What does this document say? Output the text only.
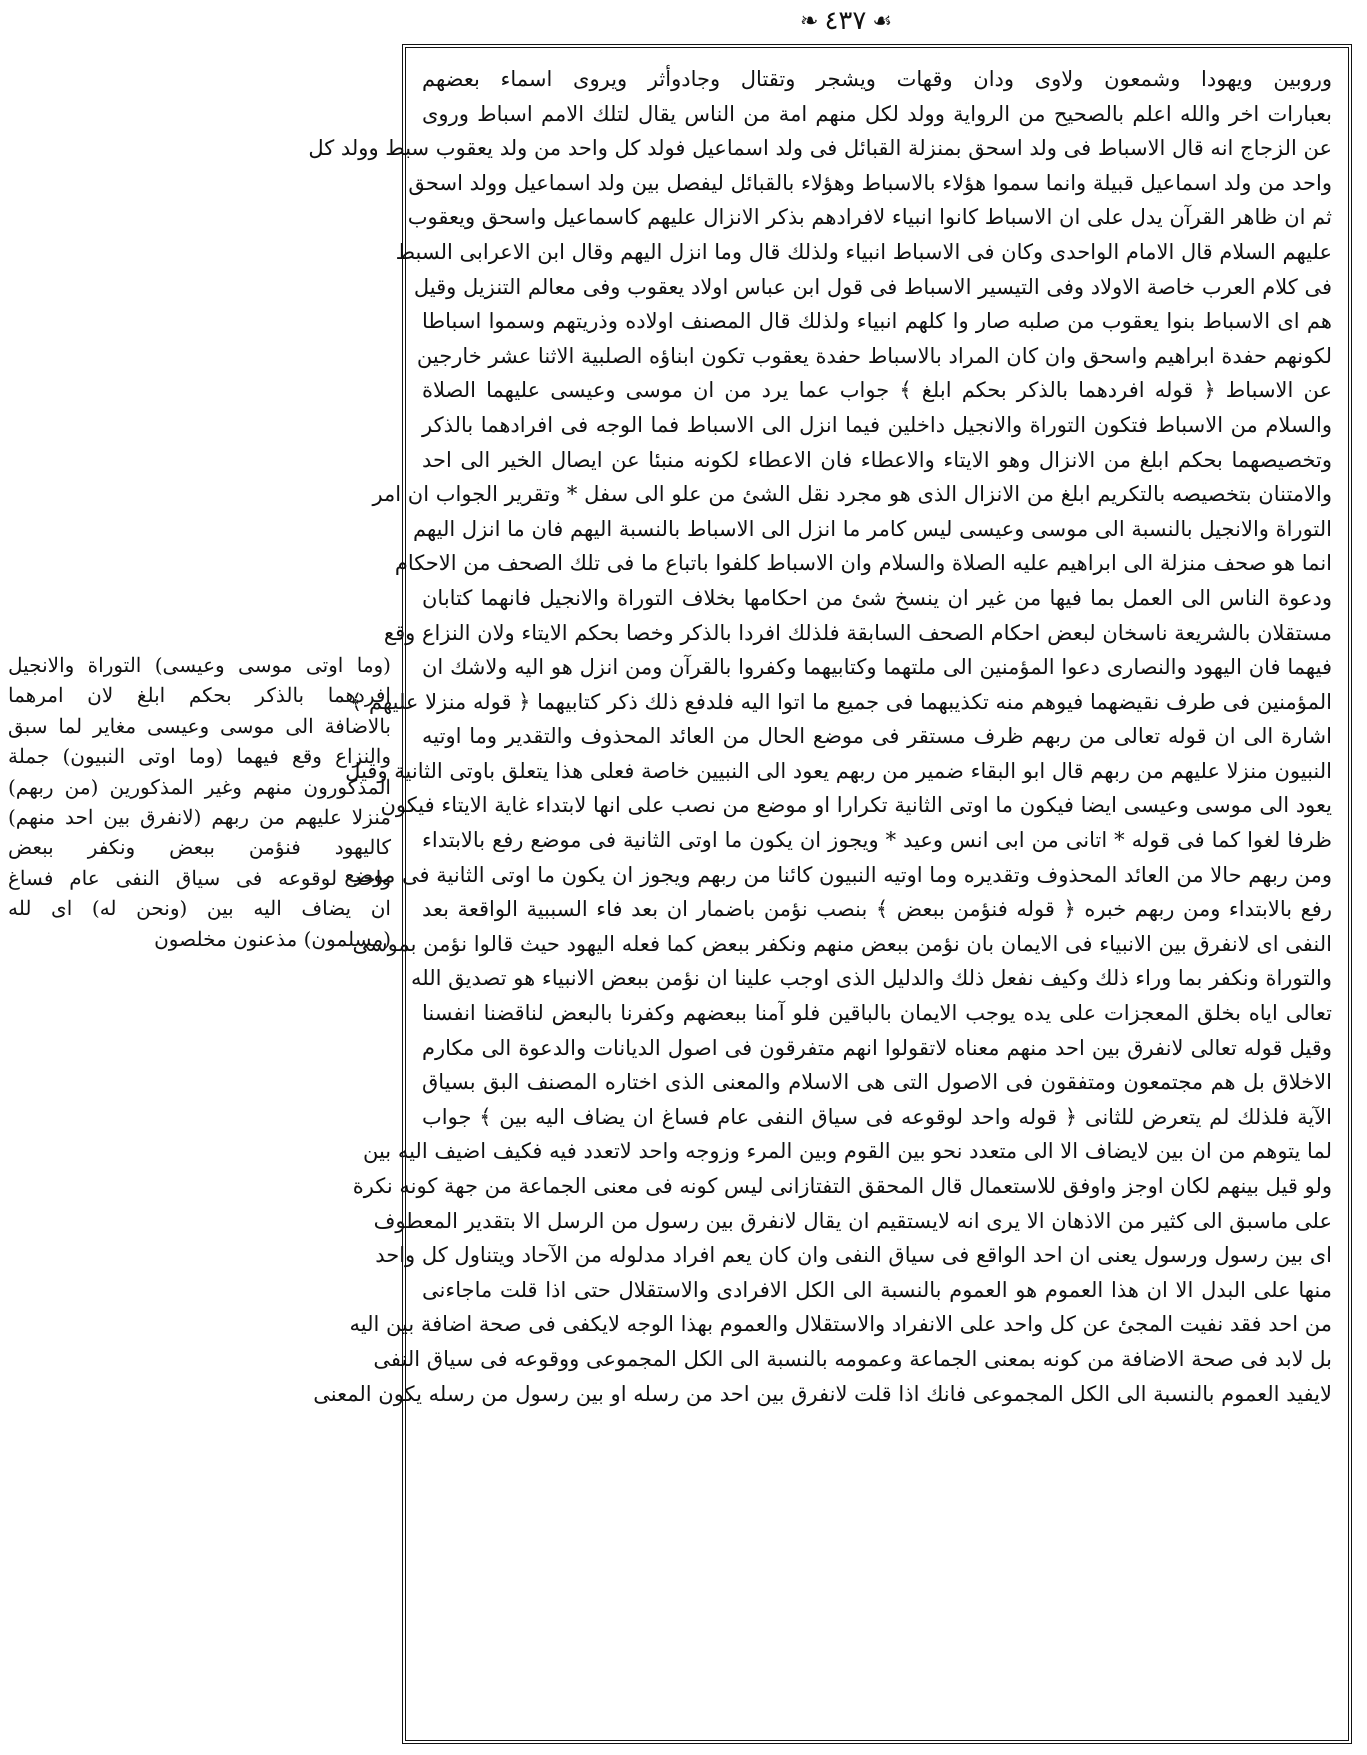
☙
٤٣٧
❧
وروبين ويهودا وشمعون ولاوى ودان وقهات ويشجر وتقتال وجادوأثر ويروى اسماء بعضهم
بعبارات اخر والله اعلم بالصحيح من الرواية وولد لكل منهم امة من الناس يقال لتلك الامم اسباط وروى
عن الزجاج انه قال الاسباط فى ولد اسحق بمنزلة القبائل فى ولد اسماعيل فولد كل واحد من ولد يعقوب سبط وولد كل
واحد من ولد اسماعيل قبيلة وانما سموا هؤلاء بالاسباط وهؤلاء بالقبائل ليفصل بين ولد اسماعيل وولد اسحق
ثم ان ظاهر القرآن يدل على ان الاسباط كانوا انبياء لافرادهم بذكر الانزال عليهم كاسماعيل واسحق ويعقوب
عليهم السلام قال الامام الواحدى وكان فى الاسباط انبياء ولذلك قال وما انزل اليهم وقال ابن الاعرابى السبط
فى كلام العرب خاصة الاولاد وفى التيسير الاسباط فى قول ابن عباس اولاد يعقوب وفى معالم التنزيل وقيل
هم اى الاسباط بنوا يعقوب من صلبه صار وا كلهم انبياء ولذلك قال المصنف اولاده وذريتهم وسموا اسباطا
لكونهم حفدة ابراهيم واسحق وان كان المراد بالاسباط حفدة يعقوب تكون ابناؤه الصلبية الاثنا عشر خارجين
عن الاسباط ﴿ قوله افردهما بالذكر بحكم ابلغ ﴾ جواب عما يرد من ان موسى وعيسى عليهما الصلاة
والسلام من الاسباط فتكون التوراة والانجيل داخلين فيما انزل الى الاسباط فما الوجه فى افرادهما بالذكر
وتخصيصهما بحكم ابلغ من الانزال وهو الايتاء والاعطاء فان الاعطاء لكونه منبئا عن ايصال الخير الى احد
والامتنان بتخصيصه بالتكريم ابلغ من الانزال الذى هو مجرد نقل الشئ من علو الى سفل * وتقرير الجواب ان امر
التوراة والانجيل بالنسبة الى موسى وعيسى ليس كامر ما انزل الى الاسباط بالنسبة اليهم فان ما انزل اليهم
انما هو صحف منزلة الى ابراهيم عليه الصلاة والسلام وان الاسباط كلفوا باتباع ما فى تلك الصحف من الاحكام
ودعوة الناس الى العمل بما فيها من غير ان ينسخ شئ من احكامها بخلاف التوراة والانجيل فانهما كتابان
مستقلان بالشريعة ناسخان لبعض احكام الصحف السابقة فلذلك افردا بالذكر وخصا بحكم الايتاء ولان النزاع وقع
فيهما فان اليهود والنصارى دعوا المؤمنين الى ملتهما وكتابيهما وكفروا بالقرآن ومن انزل هو اليه ولاشك ان
المؤمنين فى طرف نقيضهما فيوهم منه تكذيبهما فى جميع ما اتوا اليه فلدفع ذلك ذكر كتابيهما ﴿ قوله منزلا عليهم ﴾
اشارة الى ان قوله تعالى من ربهم ظرف مستقر فى موضع الحال من العائد المحذوف والتقدير وما اوتيه
النبيون منزلا عليهم من ربهم قال ابو البقاء ضمير من ربهم يعود الى النبيين خاصة فعلى هذا يتعلق باوتى الثانية وقيل
يعود الى موسى وعيسى ايضا فيكون ما اوتى الثانية تكرارا او موضع من نصب على انها لابتداء غاية الايتاء فيكون
ظرفا لغوا كما فى قوله * اتانى من ابى انس وعيد * ويجوز ان يكون ما اوتى الثانية فى موضع رفع بالابتداء
ومن ربهم حالا من العائد المحذوف وتقديره وما اوتيه النبيون كائنا من ربهم ويجوز ان يكون ما اوتى الثانية فى موضع
رفع بالابتداء ومن ربهم خبره ﴿ قوله فنؤمن ببعض ﴾ بنصب نؤمن باضمار ان بعد فاء السببية الواقعة بعد
النفى اى لانفرق بين الانبياء فى الايمان بان نؤمن ببعض منهم ونكفر ببعض كما فعله اليهود حيث قالوا نؤمن بموسى
والتوراة ونكفر بما وراء ذلك وكيف نفعل ذلك والدليل الذى اوجب علينا ان نؤمن ببعض الانبياء هو تصديق الله
تعالى اياه بخلق المعجزات على يده يوجب الايمان بالباقين فلو آمنا ببعضهم وكفرنا بالبعض لناقضنا انفسنا
وقيل قوله تعالى لانفرق بين احد منهم معناه لاتقولوا انهم متفرقون فى اصول الديانات والدعوة الى مكارم
الاخلاق بل هم مجتمعون ومتفقون فى الاصول التى هى الاسلام والمعنى الذى اختاره المصنف البق بسياق
الآية فلذلك لم يتعرض للثانى ﴿ قوله واحد لوقوعه فى سياق النفى عام فساغ ان يضاف اليه بين ﴾ جواب
لما يتوهم من ان بين لايضاف الا الى متعدد نحو بين القوم وبين المرء وزوجه واحد لاتعدد فيه فكيف اضيف اليه بين
ولو قيل بينهم لكان اوجز واوفق للاستعمال قال المحقق التفتازانى ليس كونه فى معنى الجماعة من جهة كونه نكرة
على ماسبق الى كثير من الاذهان الا يرى انه لايستقيم ان يقال لانفرق بين رسول من الرسل الا بتقدير المعطوف
اى بين رسول ورسول يعنى ان احد الواقع فى سياق النفى وان كان يعم افراد مدلوله من الآحاد ويتناول كل واحد
منها على البدل الا ان هذا العموم هو العموم بالنسبة الى الكل الافرادى والاستقلال حتى اذا قلت ماجاءنى
من احد فقد نفيت المجئ عن كل واحد على الانفراد والاستقلال والعموم بهذا الوجه لايكفى فى صحة اضافة بين اليه
بل لابد فى صحة الاضافة من كونه بمعنى الجماعة وعمومه بالنسبة الى الكل المجموعى ووقوعه فى سياق النفى
لايفيد العموم بالنسبة الى الكل المجموعى فانك اذا قلت لانفرق بين احد من رسله او بين رسول من رسله يكون المعنى
(وما اوتى موسى وعيسى) التوراة والانجيل
افردهما بالذكر بحكم ابلغ لان امرهما
بالاضافة الى موسى وعيسى مغاير لما سبق
والنزاع وقع فيهما (وما اوتى النبيون) جملة
المذكورون منهم وغير المذكورين (من ربهم)
منزلا عليهم من ربهم (لانفرق بين احد منهم)
كاليهود فنؤمن ببعض ونكفر ببعض
واحد لوقوعه فى سياق النفى عام فساغ
ان يضاف اليه بين (ونحن له) اى لله
(مسلمون) مذعنون مخلصون
